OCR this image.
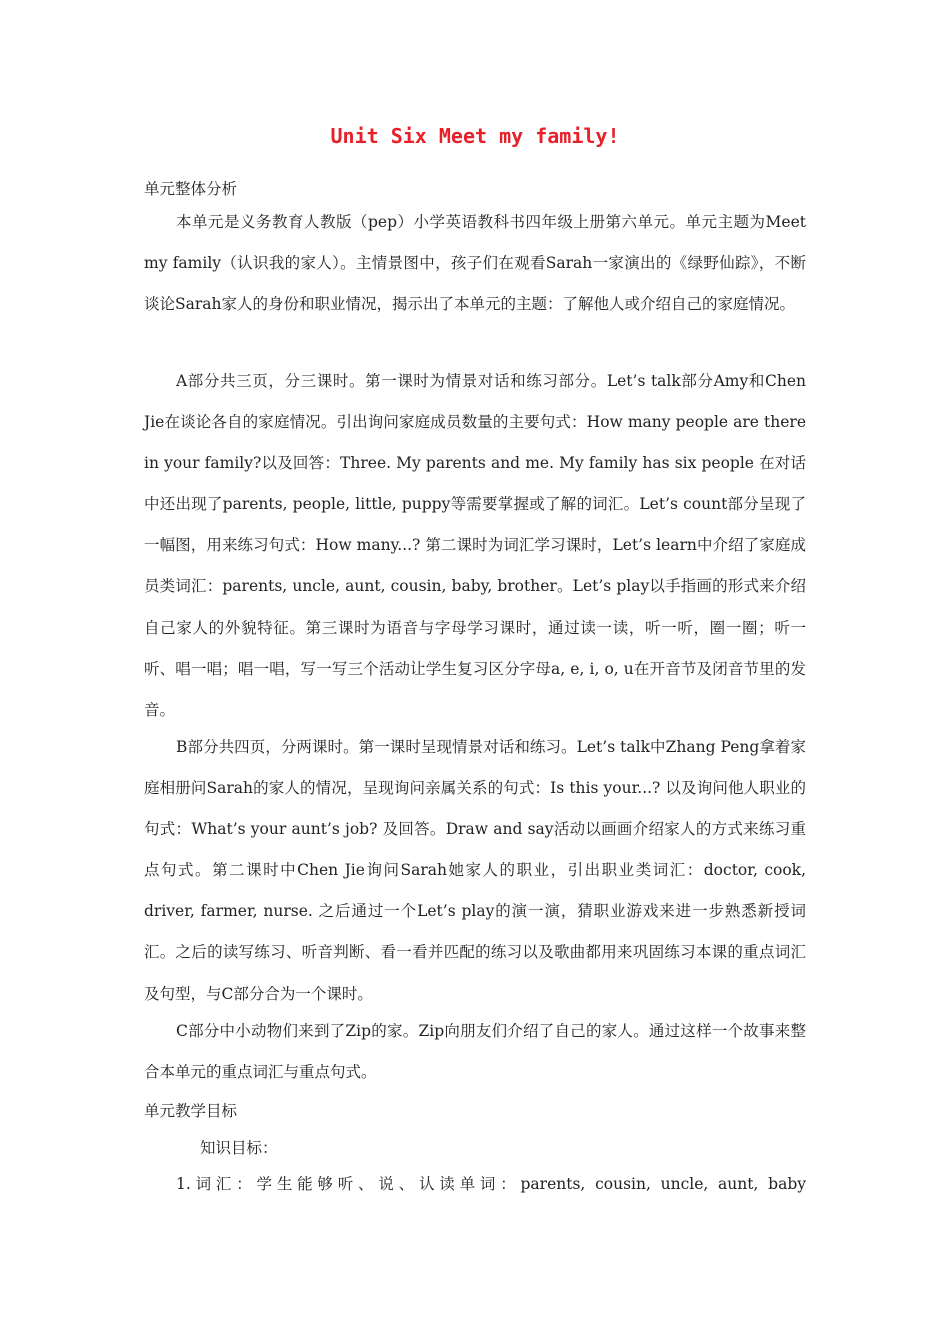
Unit Six Meet my family!
单元整体分析
本单元是义务教育人教版（pep）小学英语教科书四年级上册第六单元。单元主题为Meet my family（认识我的家人）。主情景图中，孩子们在观看Sarah一家演出的《绿野仙踪》，不断谈论Sarah家人的身份和职业情况，揭示出了本单元的主题：了解他人或介绍自己的家庭情况。
A部分共三页，分三课时。第一课时为情景对话和练习部分。Let’s talk部分Amy和Chen Jie在谈论各自的家庭情况。引出询问家庭成员数量的主要句式：How many people are there in your family?以及回答：Three. My parents and me. My family has six people 在对话中还出现了parents, people, little, puppy等需要掌握或了解的词汇。Let’s count部分呈现了一幅图，用来练习句式：How many...? 第二课时为词汇学习课时，Let’s learn中介绍了家庭成员类词汇：parents, uncle, aunt, cousin, baby, brother。Let’s play以手指画的形式来介绍自己家人的外貌特征。第三课时为语音与字母学习课时，通过读一读，听一听，圈一圈；听一听、唱一唱；唱一唱，写一写三个活动让学生复习区分字母a, e, i, o, u在开音节及闭音节里的发音。
B部分共四页，分两课时。第一课时呈现情景对话和练习。Let’s talk中Zhang Peng拿着家庭相册问Sarah的家人的情况，呈现询问亲属关系的句式：Is this your...? 以及询问他人职业的句式：What’s your aunt’s job? 及回答。Draw and say活动以画画介绍家人的方式来练习重点句式。第二课时中Chen Jie询问Sarah她家人的职业，引出职业类词汇：doctor, cook, driver, farmer, nurse. 之后通过一个Let’s play的演一演，猜职业游戏来进一步熟悉新授词汇。之后的读写练习、听音判断、看一看并匹配的练习以及歌曲都用来巩固练习本课的重点词汇及句型，与C部分合为一个课时。
C部分中小动物们来到了Zip的家。Zip向朋友们介绍了自己的家人。通过这样一个故事来整合本单元的重点词汇与重点句式。
单元教学目标
知识目标：
1.词汇：学生能够听、说、认读单词：parents, cousin, uncle, aunt, baby
